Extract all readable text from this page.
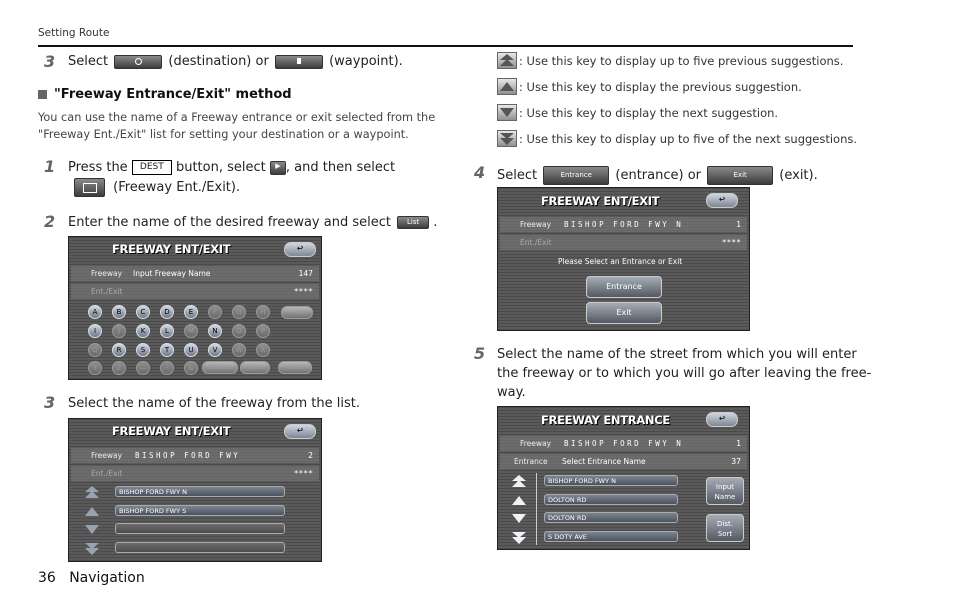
Setting Route
3 Select	(destination) or	(waypoint).
"Freeway Entrance/Exit" method
You can use the name of a Freeway entrance or exit selected from the
"Freeway Ent./Exit" list for setting your destination or a waypoint.
1 Press the DEST button, select ▶ , and then select
(Freeway Ent./Exit).
2 Enter the name of the desired freeway and select List .
FREEWAY ENT/EXIT	↩
Freeway Input Freeway Name	147
Ent./Exit	****
A	B	C	D	E	F	G	H
I	J	K	L	M	N	O	P
Q	R	S	T	U	V	W	X
Y	Z	—	-	&
◄
Others	Sym.	List
3 Select the name of the freeway from the list.
FREEWAY ENT/EXIT	↩
Freeway BISHOP FORD FWY	2
Ent./Exit	****
BISHOP FORD FWY N
BISHOP FORD FWY S
36 Navigation
: Use this key to display up to five previous suggestions.
: Use this key to display the previous suggestion.
: Use this key to display the next suggestion.
: Use this key to display up to five of the next suggestions.
4 Select	Entrance (entrance) or	Exit	(exit).
FREEWAY ENT/EXIT	↩
Freeway BISHOP FORD FWY N	1
Ent./Exit	****
Please Select an Entrance or Exit
Entrance
Exit
5 Select the name of the street from which you will enter
the freeway or to which you will go after leaving the free-
way.
FREEWAY ENTRANCE	↩
Freeway BISHOP FORD FWY N	1
Entrance Select Entrance Name	37
BISHOP FORD FWY N
DOLTON RD
DOLTON RD
S DOTY AVE
Input
Name
Dist.
Sort
